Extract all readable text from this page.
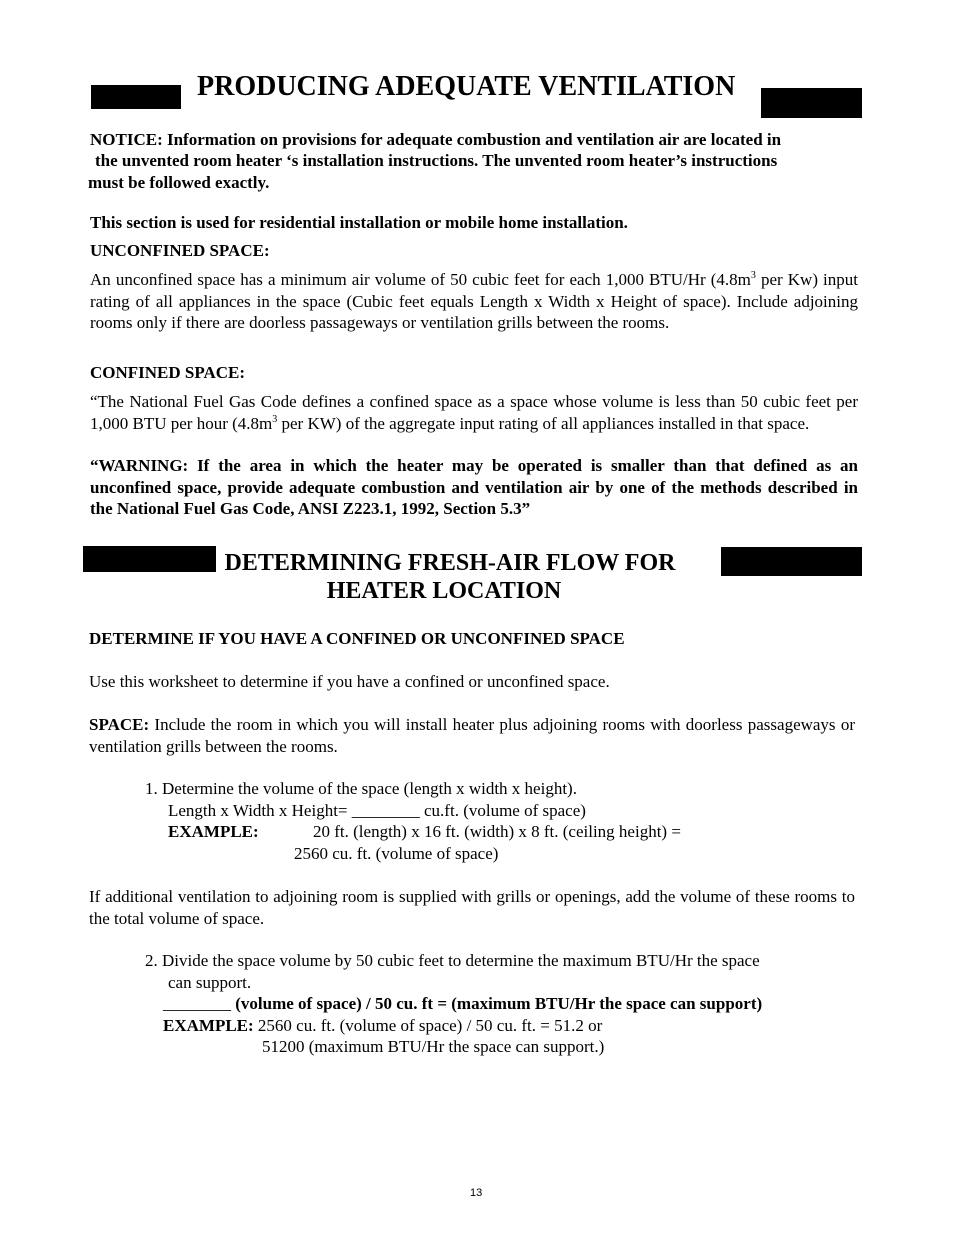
PRODUCING ADEQUATE VENTILATION
NOTICE: Information on provisions for adequate combustion and ventilation air are located in
the unvented room heater ‘s installation instructions. The unvented room heater’s instructions
must be followed exactly.
This section is used for residential installation or mobile home installation.
UNCONFINED SPACE:
An unconfined space has a minimum air volume of 50 cubic feet for each 1,000 BTU/Hr ($4.8m^3$ per Kw) input rating of all appliances in the space (Cubic feet equals Length x Width x Height of space). Include adjoining rooms only if there are doorless passageways or ventilation grills between the rooms.
CONFINED SPACE:
“The National Fuel Gas Code defines a confined space as a space whose volume is less than 50 cubic feet per 1,000 BTU per hour ($4.8m^3$ per KW) of the aggregate input rating of all appliances installed in that space.
“WARNING: If the area in which the heater may be operated is smaller than that defined as an unconfined space, provide adequate combustion and ventilation air by one of the methods described in the National Fuel Gas Code, ANSI Z223.1, 1992, Section 5.3”
DETERMINING FRESH-AIR FLOW FOR
HEATER LOCATION
DETERMINE IF YOU HAVE A CONFINED OR UNCONFINED SPACE
Use this worksheet to determine if you have a confined or unconfined space.
SPACE: Include the room in which you will install heater plus adjoining rooms with doorless passageways or ventilation grills between the rooms.
1. Determine the volume of the space (length x width x height).
Length x Width x Height= ________ cu.ft. (volume of space)
EXAMPLE:	20 ft. (length) x 16 ft. (width) x 8 ft. (ceiling height) =
2560 cu. ft. (volume of space)
If additional ventilation to adjoining room is supplied with grills or openings, add the volume of these rooms to the total volume of space.
2. Divide the space volume by 50 cubic feet to determine the maximum BTU/Hr the space
can support.
________ (volume of space) / 50 cu. ft = (maximum BTU/Hr the space can support)
EXAMPLE: 2560 cu. ft. (volume of space) / 50 cu. ft. = 51.2 or
51200 (maximum BTU/Hr the space can support.)
13
